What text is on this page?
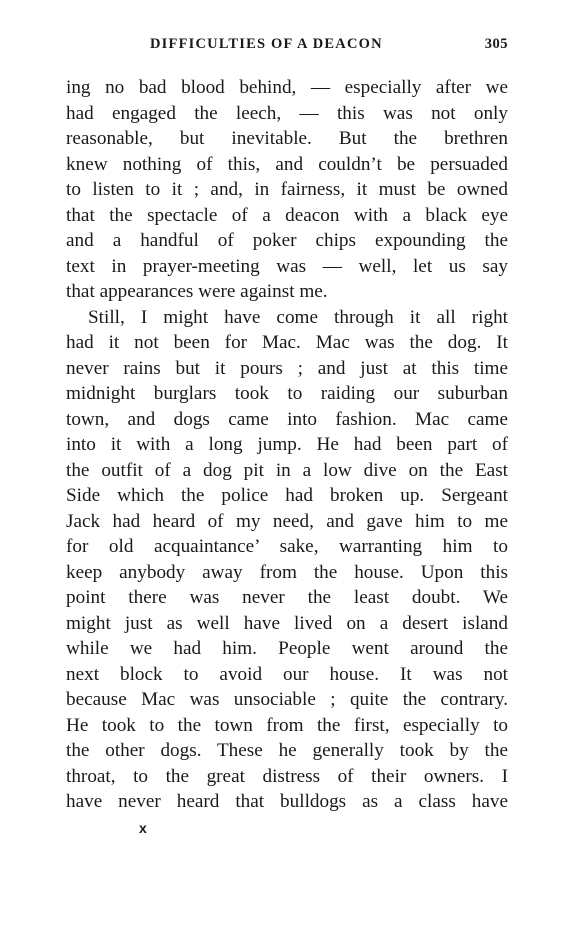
DIFFICULTIES OF A DEACON	305
ing no bad blood behind, — especially after we
had engaged the leech, — this was not only
reasonable, but inevitable. But the brethren
knew nothing of this, and couldn’t be persuaded
to listen to it ; and, in fairness, it must be owned
that the spectacle of a deacon with a black eye
and a handful of poker chips expounding the
text in prayer-meeting was — well, let us say
that appearances were against me.
Still, I might have come through it all right
had it not been for Mac. Mac was the dog. It
never rains but it pours ; and just at this time
midnight burglars took to raiding our suburban
town, and dogs came into fashion. Mac came
into it with a long jump. He had been part of
the outfit of a dog pit in a low dive on the East
Side which the police had broken up. Sergeant
Jack had heard of my need, and gave him to me
for old acquaintance’ sake, warranting him to
keep anybody away from the house. Upon this
point there was never the least doubt. We
might just as well have lived on a desert island
while we had him. People went around the
next block to avoid our house. It was not
because Mac was unsociable ; quite the contrary.
He took to the town from the first, especially to
the other dogs. These he generally took by the
throat, to the great distress of their owners. I
have never heard that bulldogs as a class have
x
